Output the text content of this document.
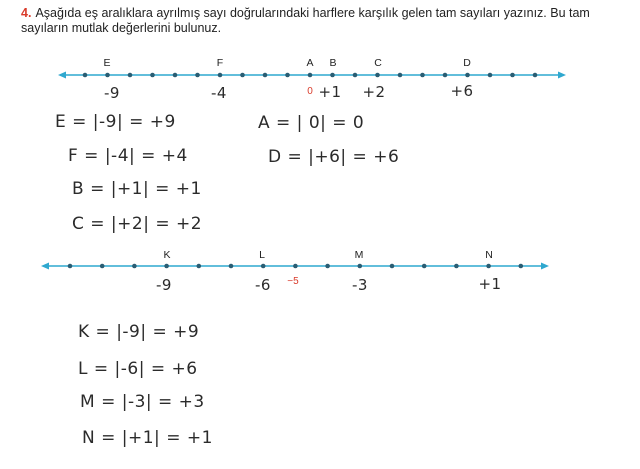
4. Aşağıda eş aralıklara ayrılmış sayı doğrularındaki harflere karşılık gelen tam sayıları yazınız. Bu tam sayıların mutlak değerlerini bulunuz.
E	F	A B	C	D
-9	-4	0 +1 +2	+6
E = |-9| = +9
F = |-4| = +4
B = |+1| = +1
C = |+2| = +2
A = | 0| = 0
D = |+6| = +6
K	L	M	N
-9	-6 −5	-3	+1
K = |-9| = +9
L = |-6| = +6
M = |-3| = +3
N = |+1| = +1
